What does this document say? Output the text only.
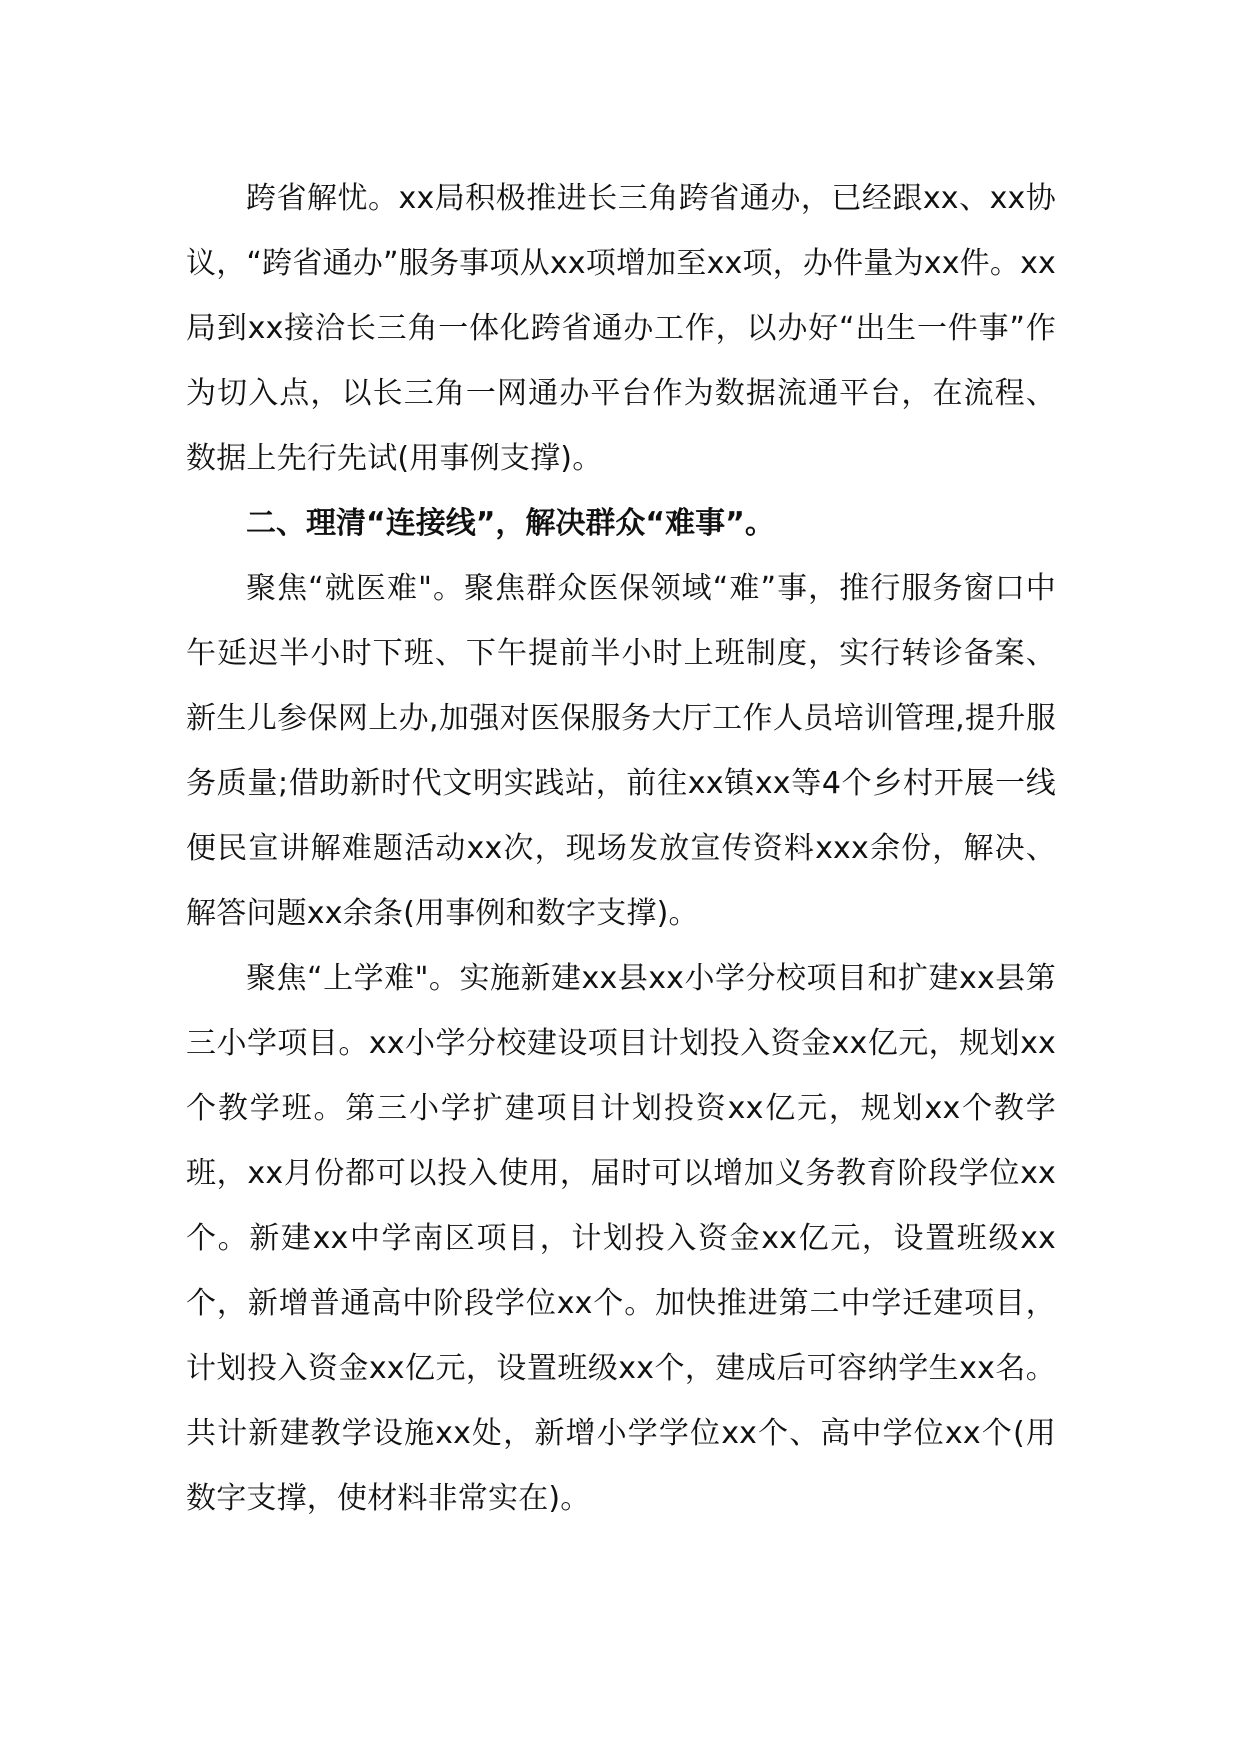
跨省解忧。xx局积极推进长三角跨省通办，已经跟xx、xx协议，“跨省通办”服务事项从xx项增加至xx项，办件量为xx件。xx局到xx接洽长三角一体化跨省通办工作，以办好“出生一件事”作为切入点，以长三角一网通办平台作为数据流通平台，在流程、数据上先行先试(用事例支撑)。

二、理清“连接线”，解决群众“难事”。

聚焦“就医难"。聚焦群众医保领域“难”事，推行服务窗口中午延迟半小时下班、下午提前半小时上班制度，实行转诊备案、新生儿参保网上办,加强对医保服务大厅工作人员培训管理,提升服务质量;借助新时代文明实践站，前往xx镇xx等4个乡村开展一线便民宣讲解难题活动xx次，现场发放宣传资料xxx余份，解决、解答问题xx余条(用事例和数字支撑)。

聚焦“上学难"。实施新建xx县xx小学分校项目和扩建xx县第三小学项目。xx小学分校建设项目计划投入资金xx亿元，规划xx个教学班。第三小学扩建项目计划投资xx亿元，规划xx个教学班，xx月份都可以投入使用，届时可以增加义务教育阶段学位xx个。新建xx中学南区项目，计划投入资金xx亿元，设置班级xx个，新增普通高中阶段学位xx个。加快推进第二中学迁建项目，计划投入资金xx亿元，设置班级xx个，建成后可容纳学生xx名。共计新建教学设施xx处，新增小学学位xx个、高中学位xx个(用数字支撑，使材料非常实在)。
